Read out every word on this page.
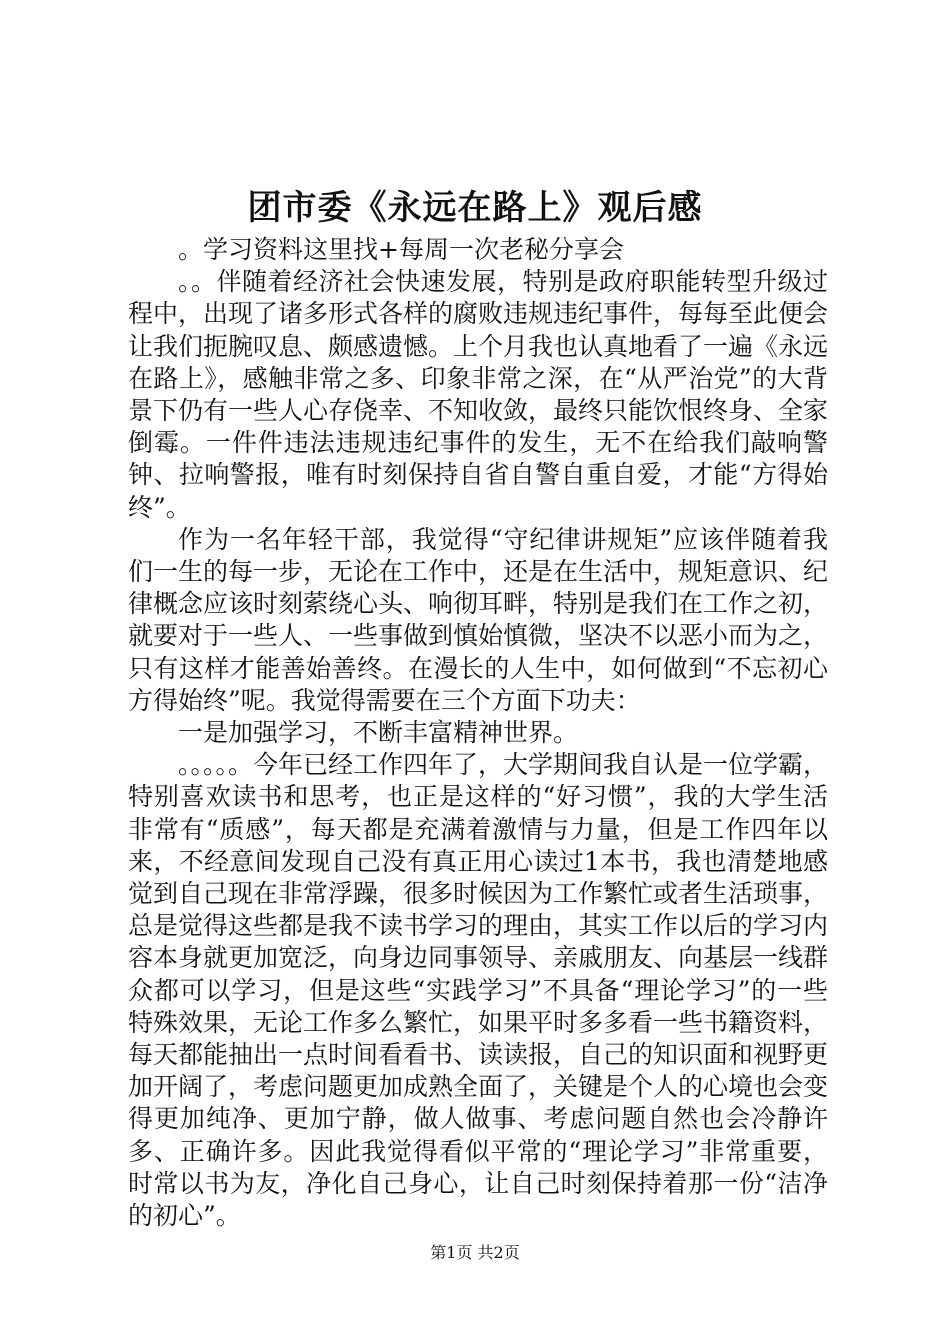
团市委《永远在路上》观后感

。学习资料这里找+每周一次老秘分享会

。。伴随着经济社会快速发展，特别是政府职能转型升级过程中，出现了诸多形式各样的腐败违规违纪事件，每每至此便会让我们扼腕叹息、颇感遗憾。上个月我也认真地看了一遍《永远在路上》，感触非常之多、印象非常之深，在“从严治党”的大背景下仍有一些人心存侥幸、不知收敛，最终只能饮恨终身、全家倒霉。一件件违法违规违纪事件的发生，无不在给我们敲响警钟、拉响警报，唯有时刻保持自省自警自重自爱，才能“方得始终”。

作为一名年轻干部，我觉得“守纪律讲规矩”应该伴随着我们一生的每一步，无论在工作中，还是在生活中，规矩意识、纪律概念应该时刻萦绕心头、响彻耳畔，特别是我们在工作之初，就要对于一些人、一些事做到慎始慎微，坚决不以恶小而为之，只有这样才能善始善终。在漫长的人生中，如何做到“不忘初心方得始终”呢。我觉得需要在三个方面下功夫：

一是加强学习，不断丰富精神世界。

。。。。。今年已经工作四年了，大学期间我自认是一位学霸，特别喜欢读书和思考，也正是这样的“好习惯”，我的大学生活非常有“质感”，每天都是充满着激情与力量，但是工作四年以来，不经意间发现自己没有真正用心读过1本书，我也清楚地感觉到自己现在非常浮躁，很多时候因为工作繁忙或者生活琐事，总是觉得这些都是我不读书学习的理由，其实工作以后的学习内容本身就更加宽泛，向身边同事领导、亲戚朋友、向基层一线群众都可以学习，但是这些“实践学习”不具备“理论学习”的一些特殊效果，无论工作多么繁忙，如果平时多多看一些书籍资料，每天都能抽出一点时间看看书、读读报，自己的知识面和视野更加开阔了，考虑问题更加成熟全面了，关键是个人的心境也会变得更加纯净、更加宁静，做人做事、考虑问题自然也会冷静许多、正确许多。因此我觉得看似平常的“理论学习”非常重要，时常以书为友，净化自己身心，让自己时刻保持着那一份“洁净的初心”。

第1页 共2页
